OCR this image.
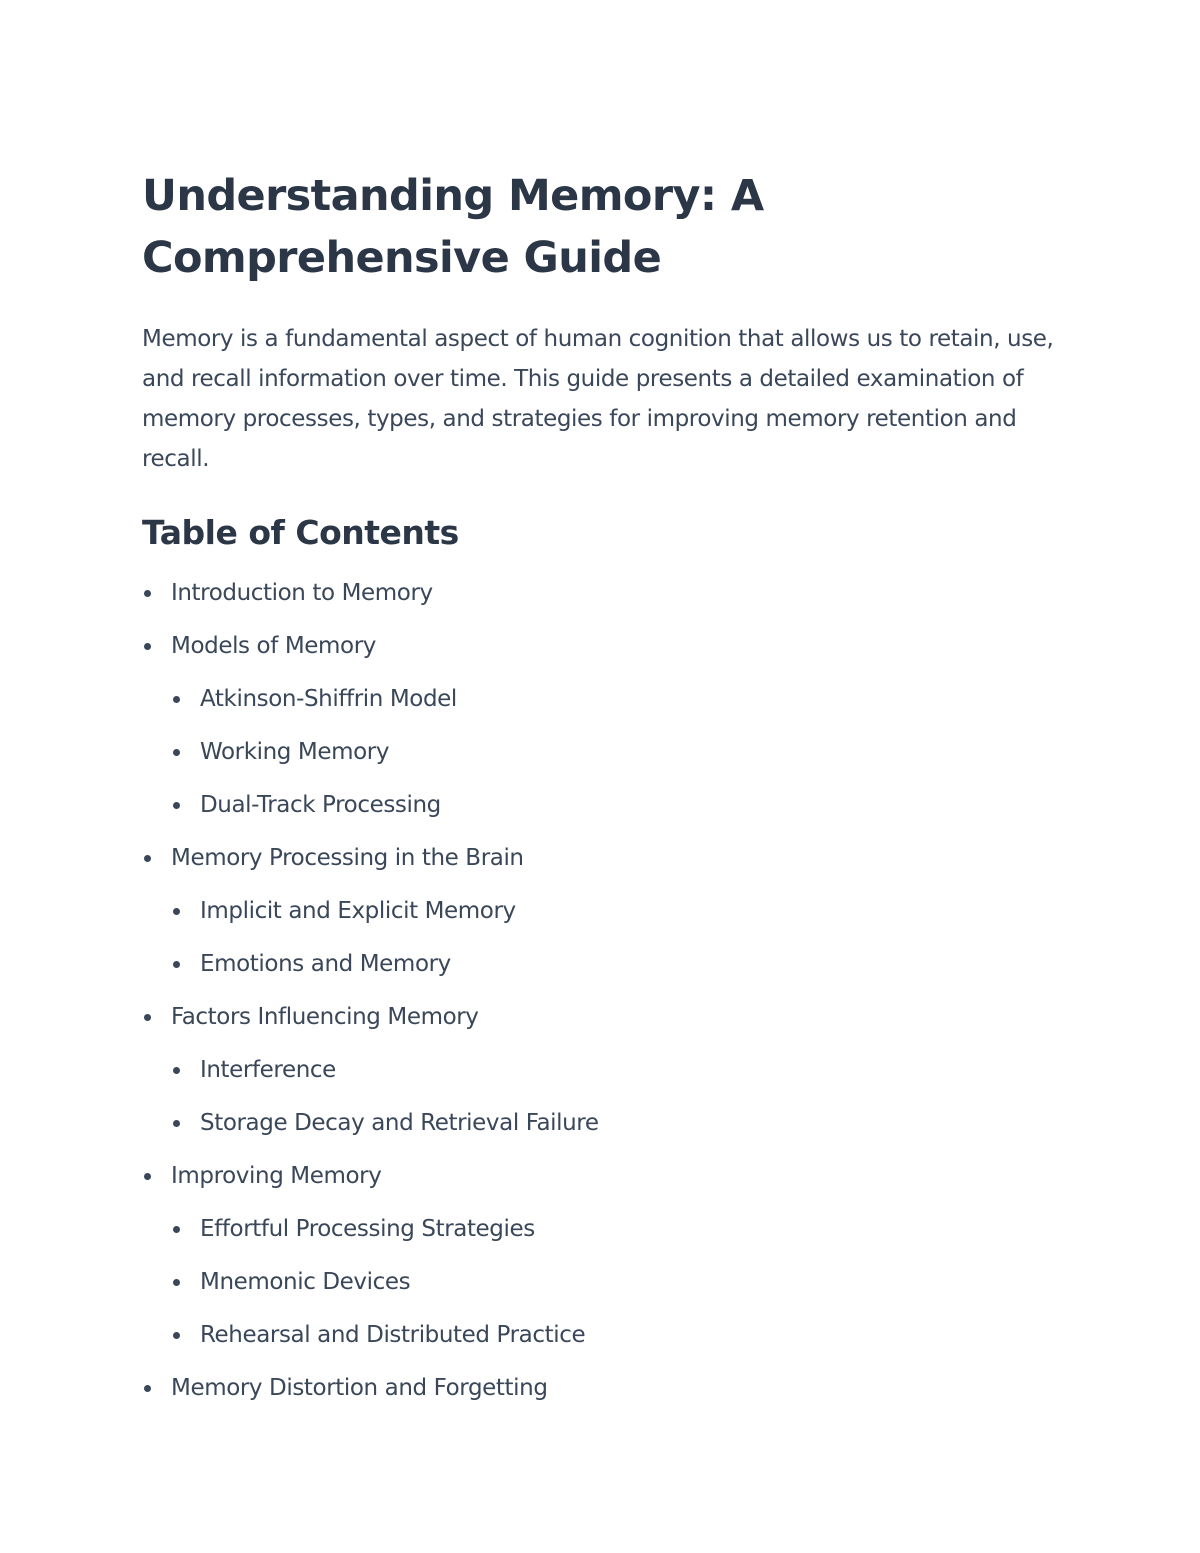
Understanding Memory: A Comprehensive Guide

Memory is a fundamental aspect of human cognition that allows us to retain, use, and recall information over time. This guide presents a detailed examination of memory processes, types, and strategies for improving memory retention and recall.

Table of Contents
Introduction to Memory
Models of Memory
Atkinson-Shiffrin Model
Working Memory
Dual-Track Processing
Memory Processing in the Brain
Implicit and Explicit Memory
Emotions and Memory
Factors Influencing Memory
Interference
Storage Decay and Retrieval Failure
Improving Memory
Effortful Processing Strategies
Mnemonic Devices
Rehearsal and Distributed Practice
Memory Distortion and Forgetting
